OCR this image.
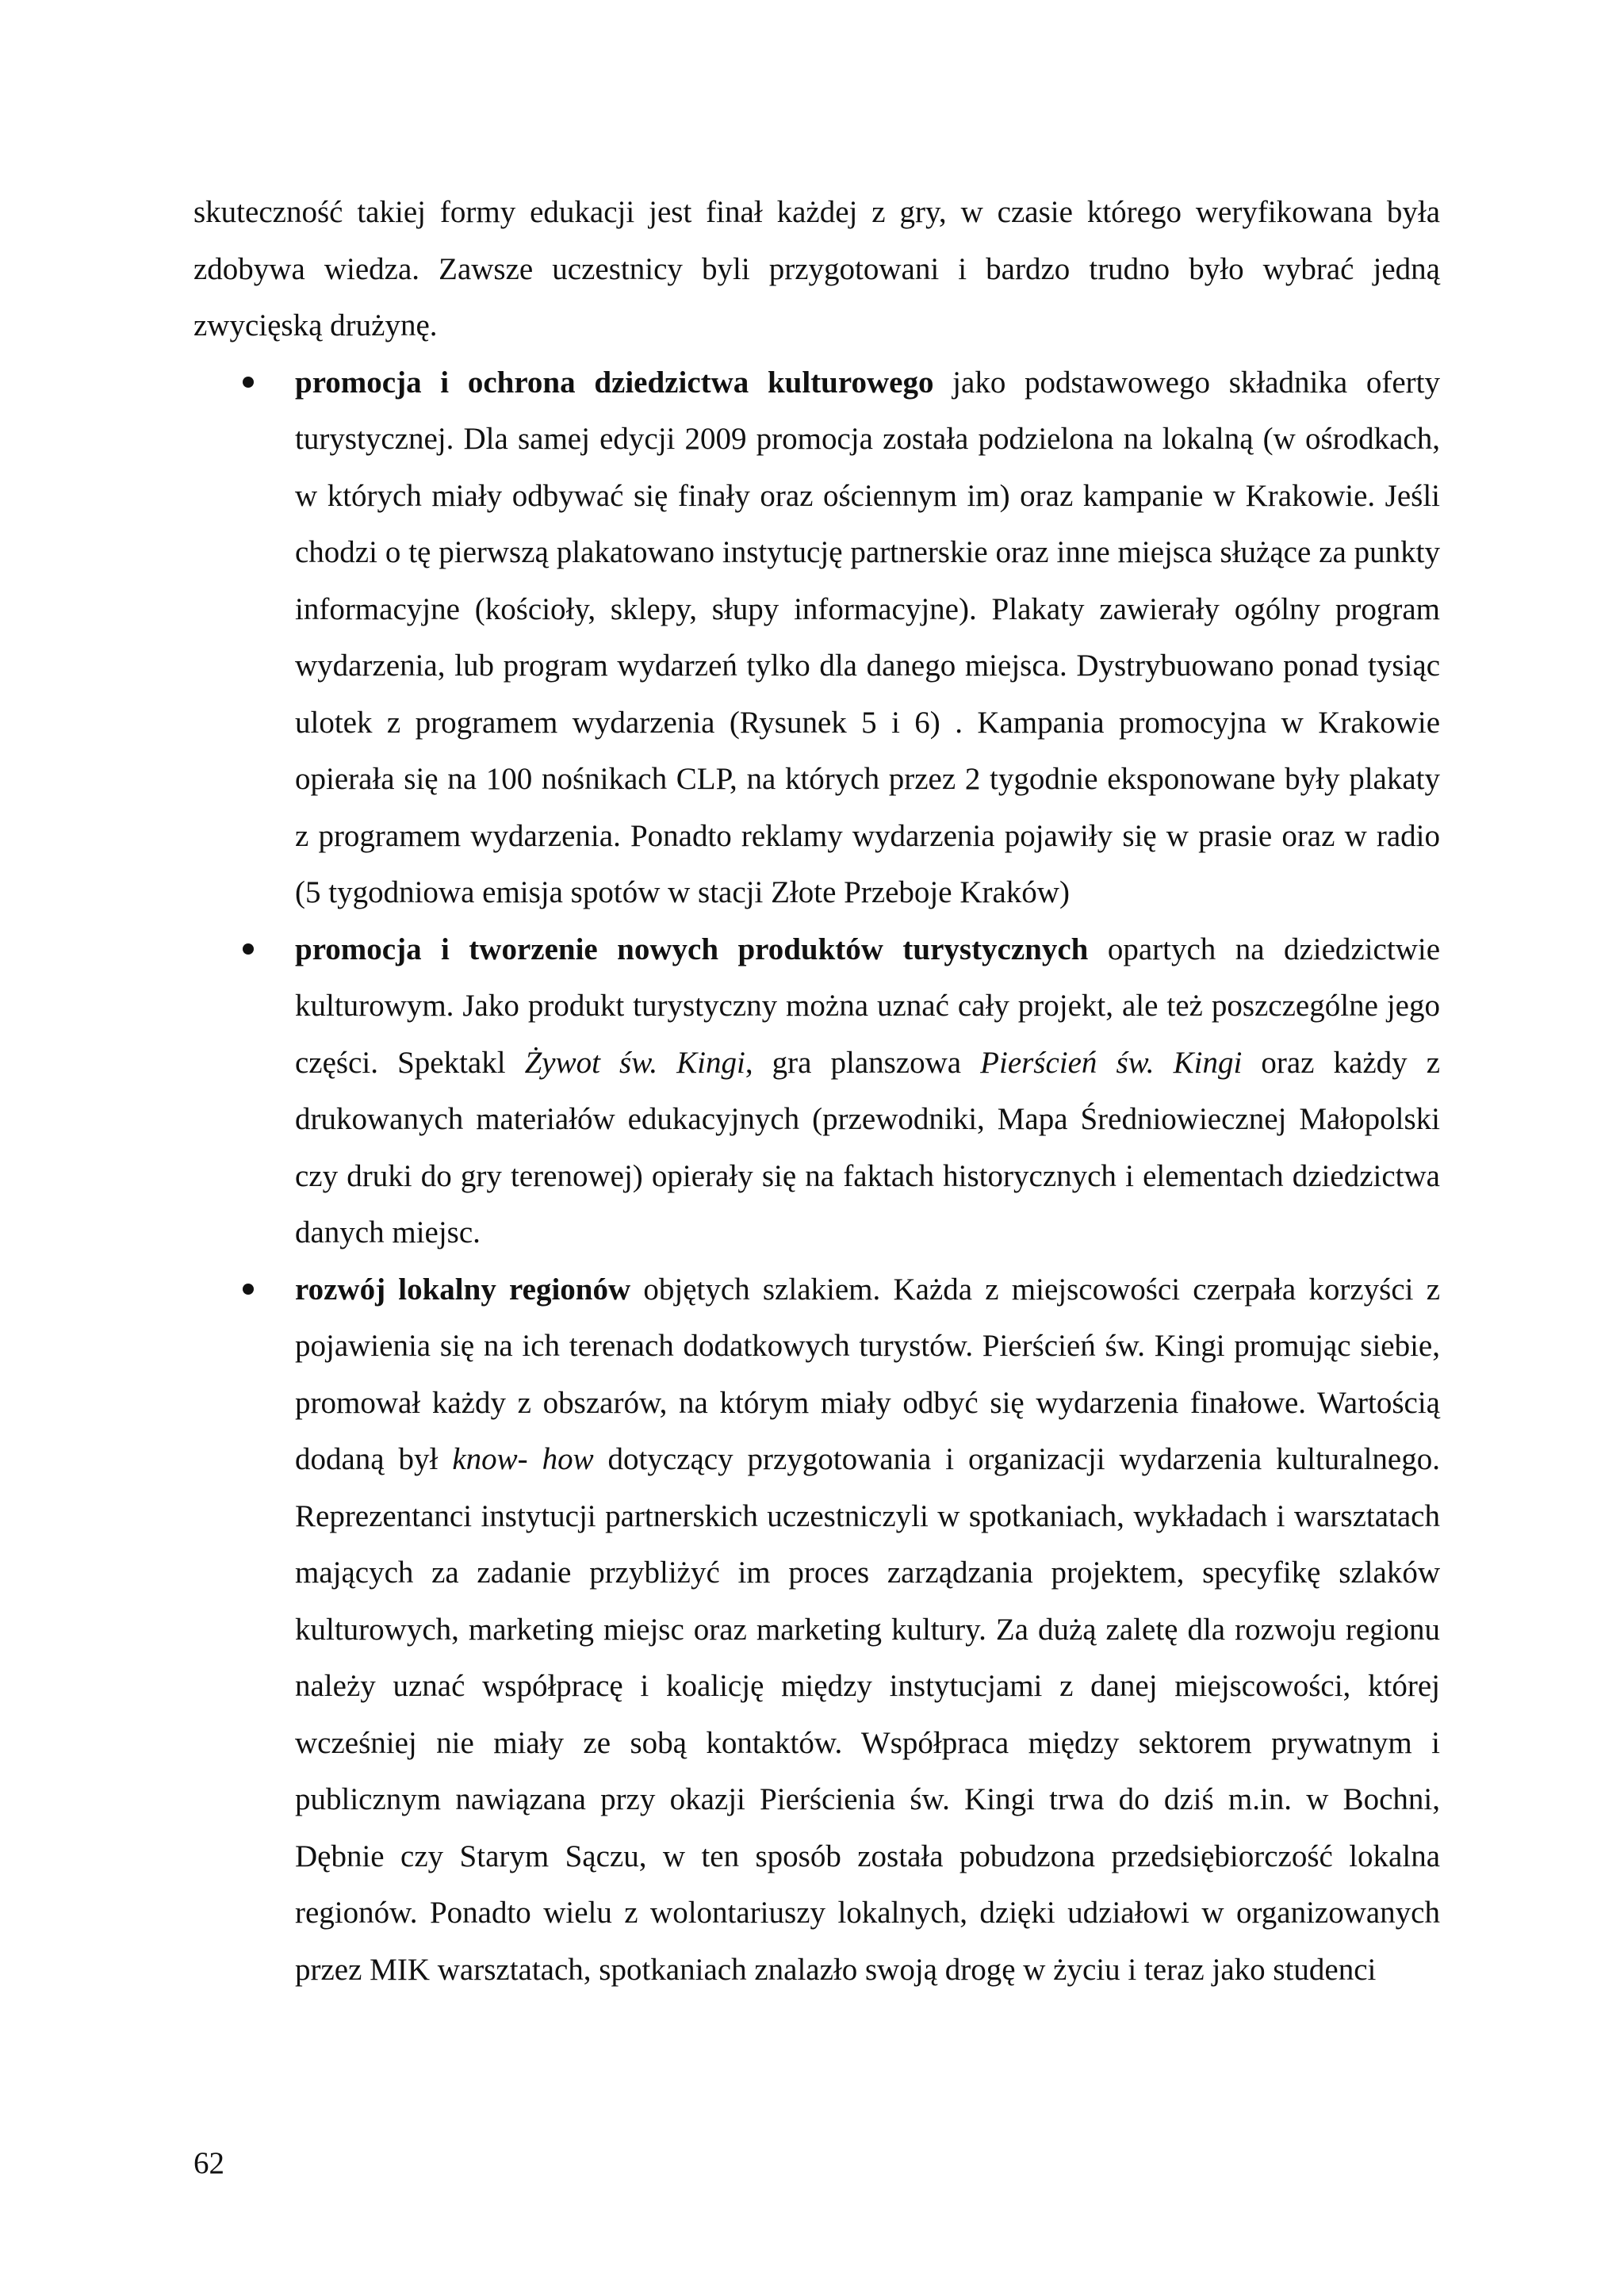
skuteczność takiej formy edukacji jest finał każdej z gry, w czasie którego weryfikowana była zdobywa wiedza. Zawsze uczestnicy byli przygotowani i bardzo trudno było wybrać jedną zwycięską drużynę.

promocja i ochrona dziedzictwa kulturowego jako podstawowego składnika oferty turystycznej. Dla samej edycji 2009 promocja została podzielona na lokalną (w ośrodkach, w których miały odbywać się finały oraz ościennym im) oraz kampanie w Krakowie. Jeśli chodzi o tę pierwszą plakatowano instytucję partnerskie oraz inne miejsca służące za punkty informacyjne (kościoły, sklepy, słupy informacyjne). Plakaty zawierały ogólny program wydarzenia, lub program wydarzeń tylko dla danego miejsca. Dystrybuowano ponad tysiąc ulotek z programem wydarzenia (Rysunek 5 i 6) . Kampania promocyjna w Krakowie opierała się na 100 nośnikach CLP, na których przez 2 tygodnie eksponowane były plakaty z programem wydarzenia. Ponadto reklamy wydarzenia pojawiły się w prasie oraz w radio (5 tygodniowa emisja spotów w stacji Złote Przeboje Kraków)
promocja i tworzenie nowych produktów turystycznych opartych na dziedzictwie kulturowym. Jako produkt turystyczny można uznać cały projekt, ale też poszczególne jego części. Spektakl Żywot św. Kingi, gra planszowa Pierścień św. Kingi oraz każdy z drukowanych materiałów edukacyjnych (przewodniki, Mapa Średniowiecznej Małopolski czy druki do gry terenowej) opierały się na faktach historycznych i elementach dziedzictwa danych miejsc.
rozwój lokalny regionów objętych szlakiem. Każda z miejscowości czerpała korzyści z pojawienia się na ich terenach dodatkowych turystów. Pierścień św. Kingi promując siebie, promował każdy z obszarów, na którym miały odbyć się wydarzenia finałowe. Wartością dodaną był know- how dotyczący przygotowania i organizacji wydarzenia kulturalnego. Reprezentanci instytucji partnerskich uczestniczyli w spotkaniach, wykładach i warsztatach mających za zadanie przybliżyć im proces zarządzania projektem, specyfikę szlaków kulturowych, marketing miejsc oraz marketing kultury. Za dużą zaletę dla rozwoju regionu należy uznać współpracę i koalicję między instytucjami z danej miejscowości, której wcześniej nie miały ze sobą kontaktów. Współpraca między sektorem prywatnym i publicznym nawiązana przy okazji Pierścienia św. Kingi trwa do dziś m.in. w Bochni, Dębnie czy Starym Sączu, w ten sposób została pobudzona przedsiębiorczość lokalna regionów. Ponadto wielu z wolontariuszy lokalnych, dzięki udziałowi w organizowanych przez MIK warsztatach, spotkaniach znalazło swoją drogę w życiu i teraz jako studenci
62
